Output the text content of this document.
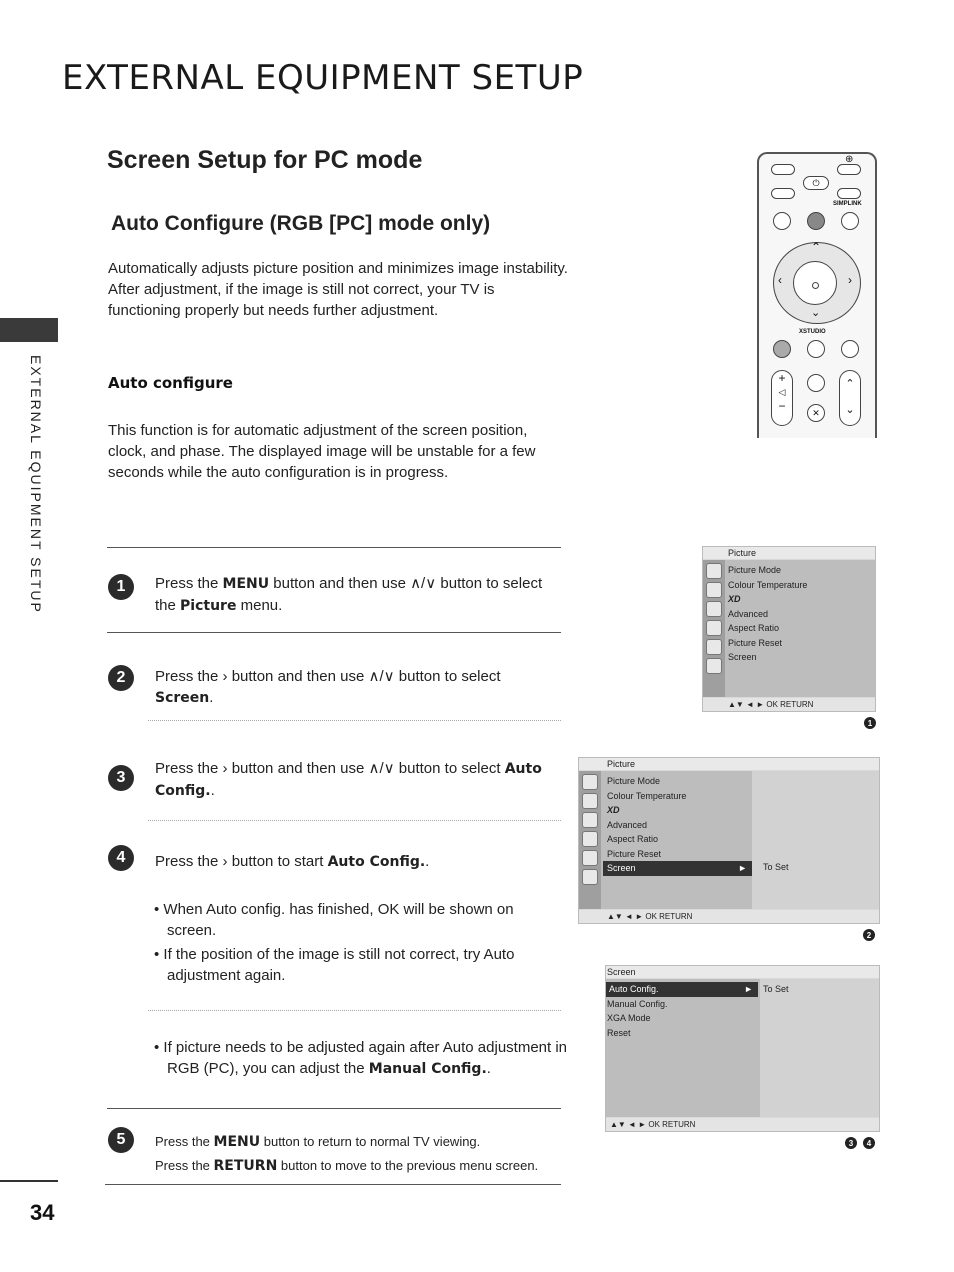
EXTERNAL EQUIPMENT SETUP
Screen Setup for PC mode
Auto Configure (RGB [PC] mode only)
EXTERNAL EQUIPMENT SETUP
34
Automatically adjusts picture position and minimizes image instability. After adjustment, if the image is still not correct, your TV is functioning properly but needs further adjustment.
Auto configure
This function is for automatic adjustment of the screen position, clock, and phase. The displayed image will be unstable for a few seconds while the auto configuration is in progress.
1	Press the MENU button and then use ∧/∨ button to select the Picture menu.
2	Press the › button and then use ∧/∨ button to select Screen.
3
Press the › button and then use ∧/∨ button to select Auto Config..
4	Press the › button to start Auto Config..
• When Auto config. has finished, OK will be shown on screen.
• If the position of the image is still not correct, try Auto adjustment again.
• If picture needs to be adjusted again after Auto adjustment in RGB (PC), you can adjust the Manual Config..
5	Press the MENU button to return to normal TV viewing.
Press the RETURN button to move to the previous menu screen.
⏻
⊕
SIMPLINK
⌃
‹	›
⌄
XSTUDIO
+
◁
−	✕
⌃
⌄
Picture
Picture Mode
Colour Temperature
XD
Advanced
Aspect Ratio
Picture Reset
Screen
▲▼ ◄ ► OK RETURN
1
Picture
Picture Mode
Colour Temperature
XD
Advanced
Aspect Ratio
Picture Reset
Screen	► To Set
▲▼ ◄ ► OK RETURN
2
Screen
Auto Config.	►
Manual Config.
XGA Mode
Reset
To Set
▲▼ ◄ ► OK RETURN
3	4
